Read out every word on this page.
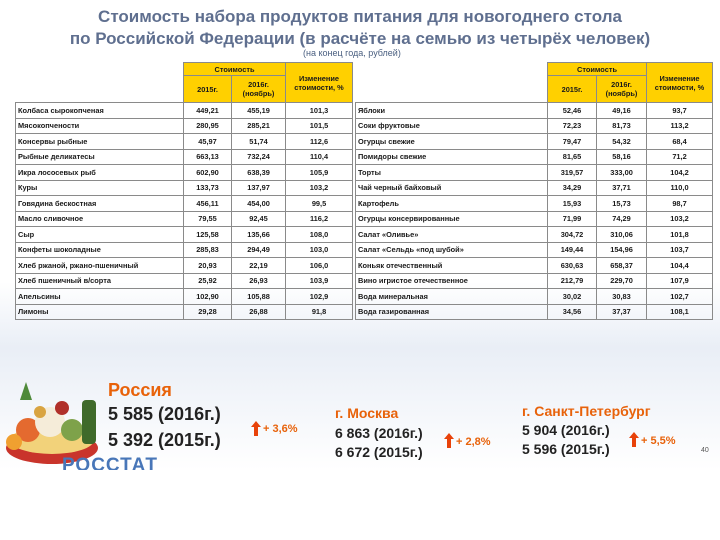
Стоимость набора продуктов питания для новогоднего стола
по Российской Федерации (в расчёте на семью из четырёх человек)
(на конец года, рублей)
	Стоимость		Изменение стоимости, %
	2015г.	2016г. (ноябрь)	
Колбаса сырокопченая	449,21	455,19	101,3
Мясокопчености	280,95	285,21	101,5
Консервы рыбные	45,97	51,74	112,6
Рыбные деликатесы	663,13	732,24	110,4
Икра лососевых рыб	602,90	638,39	105,9
Куры	133,73	137,97	103,2
Говядина бескостная	456,11	454,00	99,5
Масло сливочное	79,55	92,45	116,2
Сыр	125,58	135,66	108,0
Конфеты шоколадные	285,83	294,49	103,0
Хлеб ржаной, ржано-пшеничный	20,93	22,19	106,0
Хлеб пшеничный в/сорта	25,92	26,93	103,9
Апельсины	102,90	105,88	102,9
Лимоны	29,28	26,88	91,8
	Стоимость		Изменение стоимости, %
	2015г.	2016г. (ноябрь)	
Яблоки	52,46	49,16	93,7
Соки фруктовые	72,23	81,73	113,2
Огурцы свежие	79,47	54,32	68,4
Помидоры свежие	81,65	58,16	71,2
Торты	319,57	333,00	104,2
Чай черный байховый	34,29	37,71	110,0
Картофель	15,93	15,73	98,7
Огурцы консервированные	71,99	74,29	103,2
Салат «Оливье»	304,72	310,06	101,8
Салат «Сельдь «под шубой»	149,44	154,96	103,7
Коньяк отечественный	630,63	658,37	104,4
Вино игристое отечественное	212,79	229,70	107,9
Вода минеральная	30,02	30,83	102,7
Вода газированная	34,56	37,37	108,1
РОССТАТ
Россия
5 585 (2016г.)
5 392 (2015г.)
+ 3,6%
г. Москва
6 863 (2016г.)
6 672 (2015г.)
+ 2,8%
г. Санкт-Петербург
5 904 (2016г.)
5 596 (2015г.)	+ 5,5%
40
